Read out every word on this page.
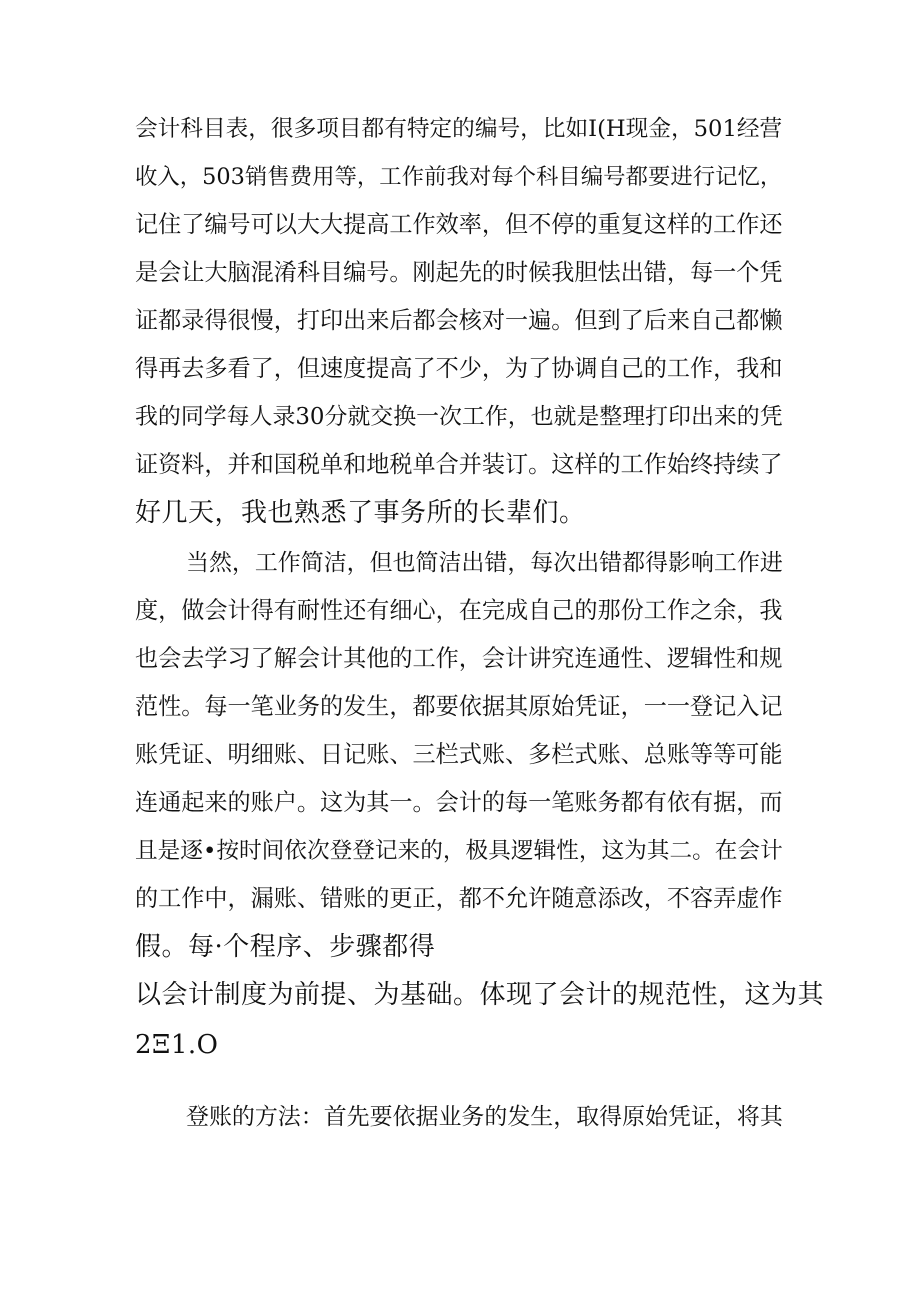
会计科目表，很多项目都有特定的编号，比如I(H现金，501经营
收入，503销售费用等，工作前我对每个科目编号都要进行记忆，
记住了编号可以大大提高工作效率，但不停的重复这样的工作还
是会让大脑混淆科目编号。刚起先的时候我胆怯出错，每一个凭
证都录得很慢，打印出来后都会核对一遍。但到了后来自己都懒
得再去多看了，但速度提高了不少，为了协调自己的工作，我和
我的同学每人录30分就交换一次工作，也就是整理打印出来的凭
证资料，并和国税单和地税单合并装订。这样的工作始终持续了
好几天，我也熟悉了事务所的长辈们。
当然，工作简洁，但也简洁出错，每次出错都得影响工作进
度，做会计得有耐性还有细心，在完成自己的那份工作之余，我
也会去学习了解会计其他的工作，会计讲究连通性、逻辑性和规
范性。每一笔业务的发生，都要依据其原始凭证，一一登记入记
账凭证、明细账、日记账、三栏式账、多栏式账、总账等等可能
连通起来的账户。这为其一。会计的每一笔账务都有依有据，而
且是逐•按时间依次登登记来的，极具逻辑性，这为其二。在会计
的工作中，漏账、错账的更正，都不允许随意添改，不容弄虚作
假。每·个程序、步骤都得
以会计制度为前提、为基础。体现了会计的规范性，这为其
2Ξ1.O
登账的方法：首先要依据业务的发生，取得原始凭证，将其
